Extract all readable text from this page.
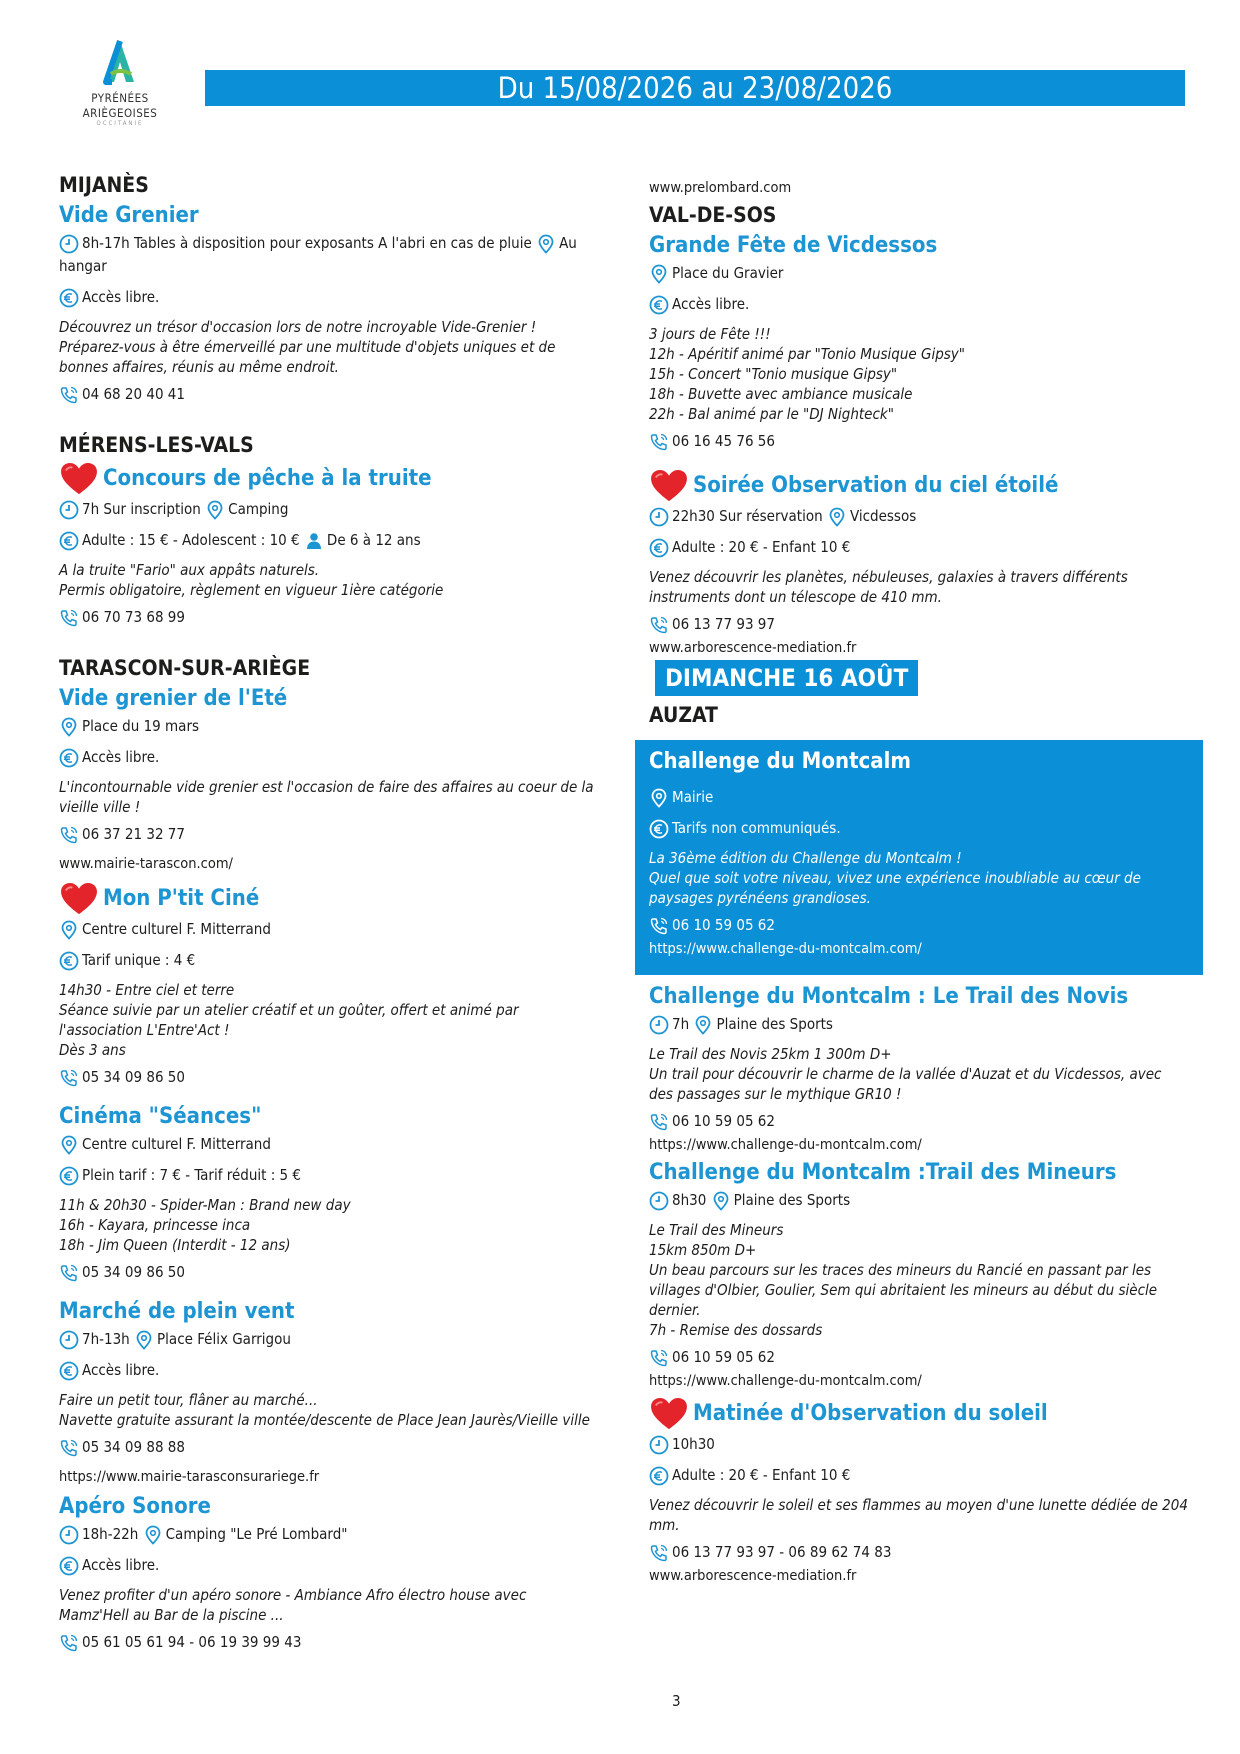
PYRÉNÉES
ARIÈGEOISES
OCCITANIE
Du 15/08/2026 au 23/08/2026
MIJANÈS
Vide Grenier
8h-17h Tables à disposition pour exposants A l'abri en cas de pluie Au hangar
Accès libre.
Découvrez un trésor d'occasion lors de notre incroyable Vide-Grenier ! Préparez-vous à être émerveillé par une multitude d'objets uniques et de bonnes affaires, réunis au même endroit.
04 68 20 40 41
MÉRENS-LES-VALS
Concours de pêche à la truite
7h Sur inscription Camping
Adulte : 15 € - Adolescent : 10 € De 6 à 12 ans
A la truite "Fario" aux appâts naturels.
Permis obligatoire, règlement en vigueur 1ière catégorie
06 70 73 68 99
TARASCON-SUR-ARIÈGE
Vide grenier de l'Eté
Place du 19 mars
Accès libre.
L'incontournable vide grenier est l'occasion de faire des affaires au coeur de la vieille ville !
06 37 21 32 77
www.mairie-tarascon.com/
Mon P'tit Ciné
Centre culturel F. Mitterrand
Tarif unique : 4 €
14h30 - Entre ciel et terre
Séance suivie par un atelier créatif et un goûter, offert et animé par l'association L'Entre'Act !
Dès 3 ans
05 34 09 86 50
Cinéma "Séances"
Centre culturel F. Mitterrand
Plein tarif : 7 € - Tarif réduit : 5 €
11h & 20h30 - Spider-Man : Brand new day
16h - Kayara, princesse inca
18h - Jim Queen (Interdit - 12 ans)
05 34 09 86 50
Marché de plein vent
7h-13h Place Félix Garrigou
Accès libre.
Faire un petit tour, flâner au marché...
Navette gratuite assurant la montée/descente de Place Jean Jaurès/Vieille ville
05 34 09 88 88
https://www.mairie-tarasconsurariege.fr
Apéro Sonore
18h-22h Camping "Le Pré Lombard"
Accès libre.
Venez profiter d'un apéro sonore - Ambiance Afro électro house avec Mamz'Hell au Bar de la piscine ...
05 61 05 61 94 - 06 19 39 99 43
www.prelombard.com
VAL-DE-SOS
Grande Fête de Vicdessos
Place du Gravier
Accès libre.
3 jours de Fête !!!
12h - Apéritif animé par "Tonio Musique Gipsy"
15h - Concert "Tonio musique Gipsy"
18h - Buvette avec ambiance musicale
22h - Bal animé par le "DJ Nighteck"
06 16 45 76 56
Soirée Observation du ciel étoilé
22h30 Sur réservation Vicdessos
Adulte : 20 € - Enfant 10 €
Venez découvrir les planètes, nébuleuses, galaxies à travers différents instruments dont un télescope de 410 mm.
06 13 77 93 97
www.arborescence-mediation.fr
DIMANCHE 16 AOÛT
AUZAT
Challenge du Montcalm
Mairie
Tarifs non communiqués.
La 36ème édition du Challenge du Montcalm !
Quel que soit votre niveau, vivez une expérience inoubliable au cœur de paysages pyrénéens grandioses.
06 10 59 05 62
https://www.challenge-du-montcalm.com/
Challenge du Montcalm : Le Trail des Novis
7h Plaine des Sports
Le Trail des Novis 25km 1 300m D+
Un trail pour découvrir le charme de la vallée d'Auzat et du Vicdessos, avec des passages sur le mythique GR10 !
06 10 59 05 62
https://www.challenge-du-montcalm.com/
Challenge du Montcalm :Trail des Mineurs
8h30 Plaine des Sports
Le Trail des Mineurs
15km 850m D+
Un beau parcours sur les traces des mineurs du Rancié en passant par les villages d'Olbier, Goulier, Sem qui abritaient les mineurs au début du siècle dernier.
7h - Remise des dossards
06 10 59 05 62
https://www.challenge-du-montcalm.com/
Matinée d'Observation du soleil
10h30
Adulte : 20 € - Enfant 10 €
Venez découvrir le soleil et ses flammes au moyen d'une lunette dédiée de 204 mm.
06 13 77 93 97 - 06 89 62 74 83
www.arborescence-mediation.fr
3
